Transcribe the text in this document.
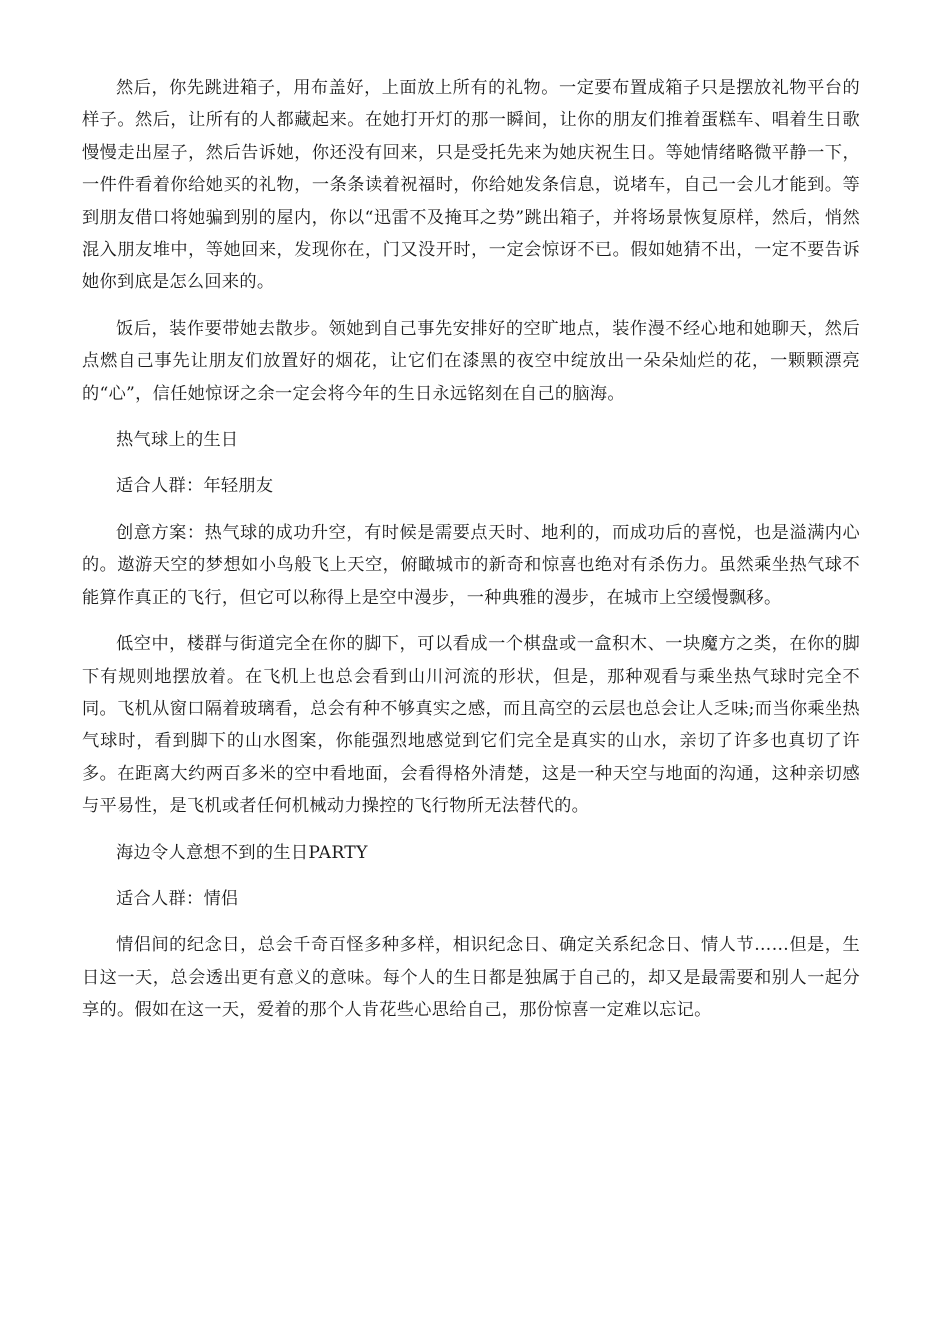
然后，你先跳进箱子，用布盖好，上面放上所有的礼物。一定要布置成箱子只是摆放礼物平台的样子。然后，让所有的人都藏起来。在她打开灯的那一瞬间，让你的朋友们推着蛋糕车、唱着生日歌慢慢走出屋子，然后告诉她，你还没有回来，只是受托先来为她庆祝生日。等她情绪略微平静一下，一件件看着你给她买的礼物，一条条读着祝福时，你给她发条信息，说堵车，自己一会儿才能到。等到朋友借口将她骗到别的屋内，你以“迅雷不及掩耳之势”跳出箱子，并将场景恢复原样，然后，悄然混入朋友堆中，等她回来，发现你在，门又没开时，一定会惊讶不已。假如她猜不出，一定不要告诉她你到底是怎么回来的。

饭后，装作要带她去散步。领她到自己事先安排好的空旷地点，装作漫不经心地和她聊天，然后点燃自己事先让朋友们放置好的烟花，让它们在漆黑的夜空中绽放出一朵朵灿烂的花，一颗颗漂亮的“心”，信任她惊讶之余一定会将今年的生日永远铭刻在自己的脑海。

热气球上的生日

适合人群：年轻朋友

创意方案：热气球的成功升空，有时候是需要点天时、地利的，而成功后的喜悦，也是溢满内心的。遨游天空的梦想如小鸟般飞上天空，俯瞰城市的新奇和惊喜也绝对有杀伤力。虽然乘坐热气球不能算作真正的飞行，但它可以称得上是空中漫步，一种典雅的漫步，在城市上空缓慢飘移。

低空中，楼群与街道完全在你的脚下，可以看成一个棋盘或一盒积木、一块魔方之类，在你的脚下有规则地摆放着。在飞机上也总会看到山川河流的形状，但是，那种观看与乘坐热气球时完全不同。飞机从窗口隔着玻璃看，总会有种不够真实之感，而且高空的云层也总会让人乏味;而当你乘坐热气球时，看到脚下的山水图案，你能强烈地感觉到它们完全是真实的山水，亲切了许多也真切了许多。在距离大约两百多米的空中看地面，会看得格外清楚，这是一种天空与地面的沟通，这种亲切感与平易性，是飞机或者任何机械动力操控的飞行物所无法替代的。

海边令人意想不到的生日PARTY

适合人群：情侣

情侣间的纪念日，总会千奇百怪多种多样，相识纪念日、确定关系纪念日、情人节……但是，生日这一天，总会透出更有意义的意味。每个人的生日都是独属于自己的，却又是最需要和别人一起分享的。假如在这一天，爱着的那个人肯花些心思给自己，那份惊喜一定难以忘记。
